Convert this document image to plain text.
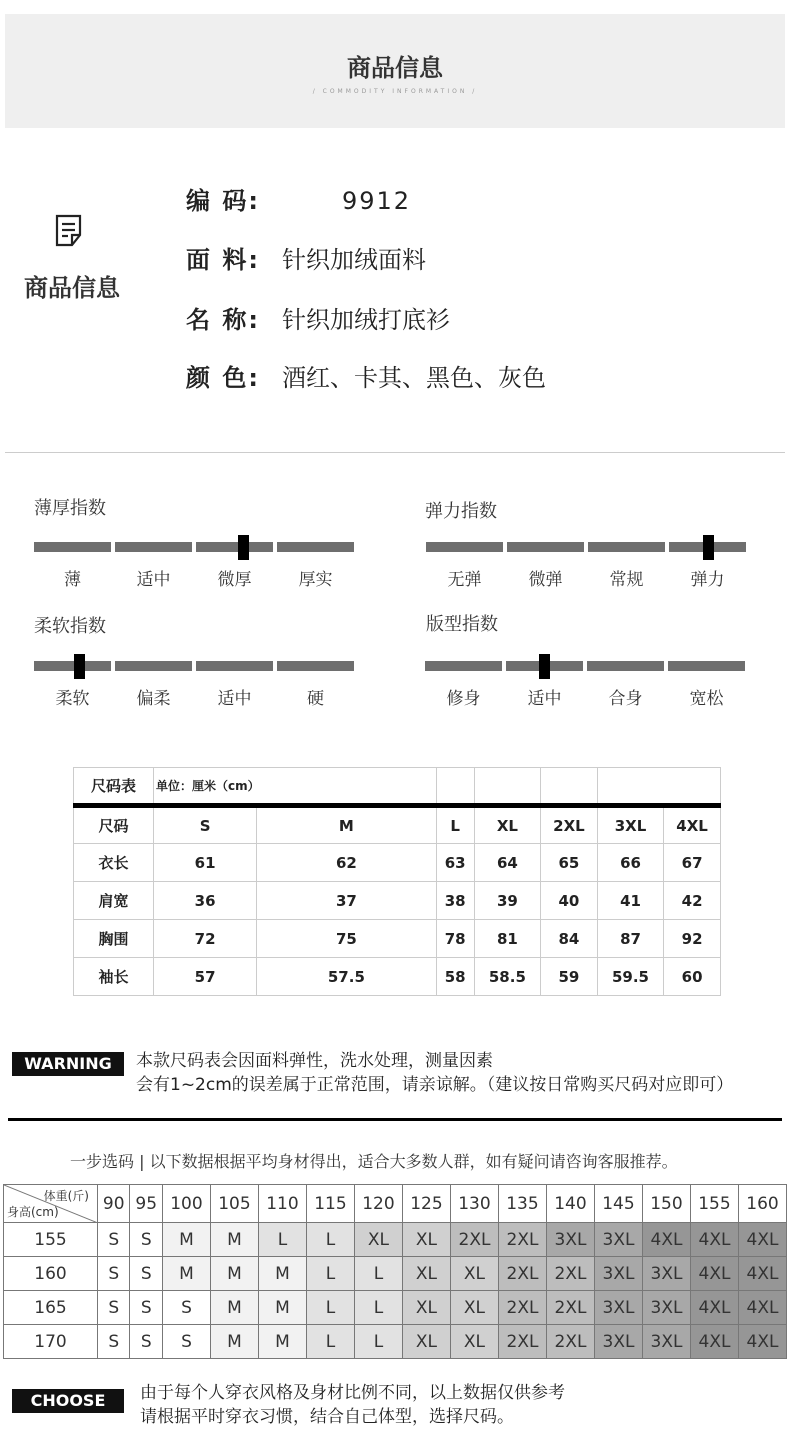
商品信息
/ COMMODITY INFORMATION /
商品信息
编 码:	9912
面 料: 针织加绒面料
名 称: 针织加绒打底衫
颜 色: 酒红、卡其、黑色、灰色
薄厚指数
薄	适中	微厚	厚实
弹力指数
无弹	微弹	常规	弹力
柔软指数
柔软	偏柔	适中	硬
版型指数
修身	适中	合身	宽松
尺码表	单位：厘米（cm）						
尺码	S	M	L	XL	2XL	3XL	4XL
衣长	61	62	63	64	65	66	67
肩宽	36	37	38	39	40	41	42
胸围	72	75	78	81	84	87	92
袖长	57	57.5	58	58.5	59	59.5	60
WARNING	本款尺码表会因面料弹性，洗水处理，测量因素
会有1~2cm的误差属于正常范围，请亲谅解。（建议按日常购买尺码对应即可）
一步选码 | 以下数据根据平均身材得出，适合大多数人群，如有疑问请咨询客服推荐。
体重(斤)
身高(cm)	90	95	100	105	110	115	120	125	130	135	140	145	150	155	160
155	S	S	M	M	L	L	XL	XL	2XL	2XL	3XL	3XL	4XL	4XL	4XL
160	S	S	M	M	M	L	L	XL	XL	2XL	2XL	3XL	3XL	4XL	4XL
165	S	S	S	M	M	L	L	XL	XL	2XL	2XL	3XL	3XL	4XL	4XL
170	S	S	S	M	M	L	L	XL	XL	2XL	2XL	3XL	3XL	4XL	4XL
CHOOSE	由于每个人穿衣风格及身材比例不同，以上数据仅供参考
请根据平时穿衣习惯，结合自己体型，选择尺码。
